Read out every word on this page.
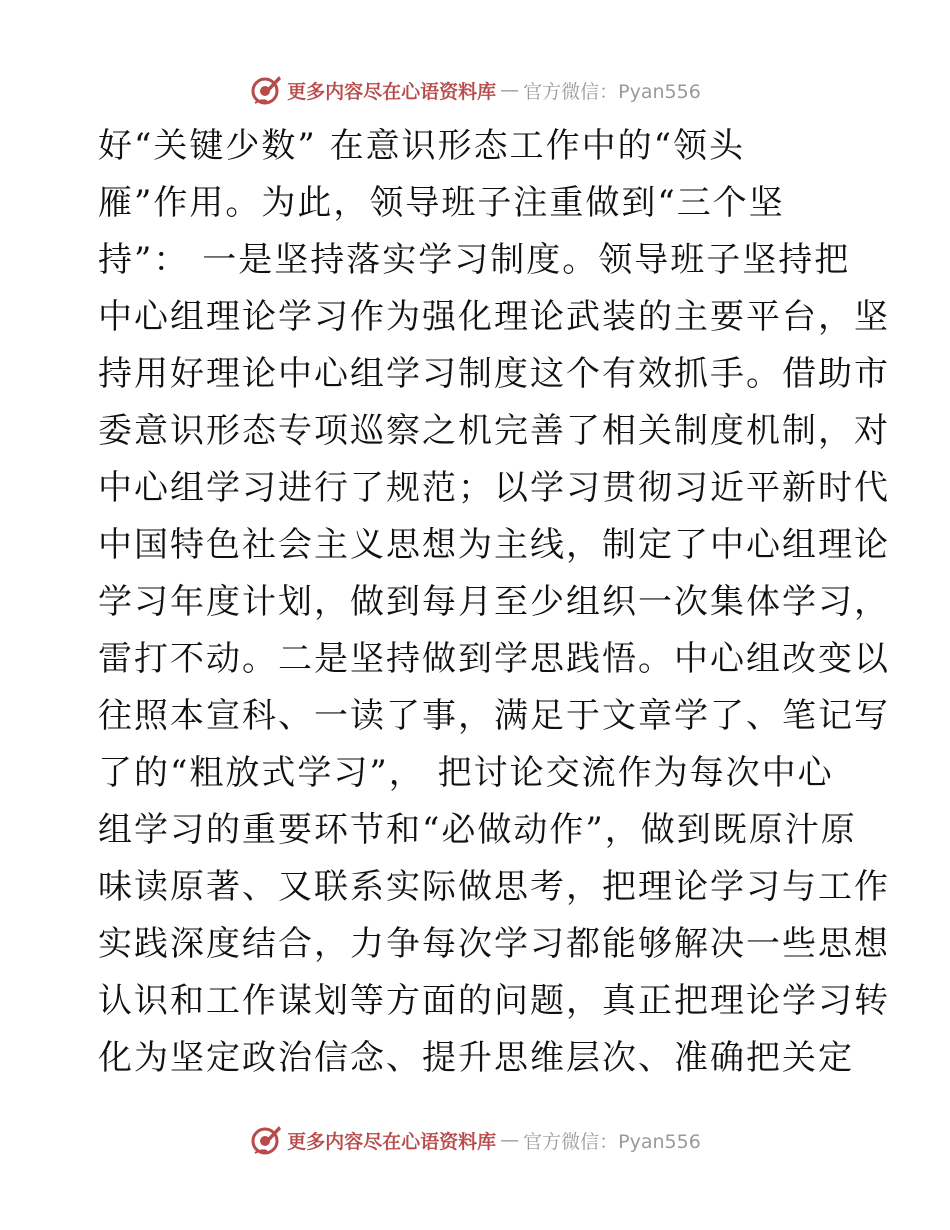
更多内容尽在心语资料库 — 官方微信：Pyan556
好“关键少数” 在意识形态工作中的“领头
雁”作用。为此，领导班子注重做到“三个坚
持”： 一是坚持落实学习制度。领导班子坚持把
中心组理论学习作为强化理论武装的主要平台，坚
持用好理论中心组学习制度这个有效抓手。借助市
委意识形态专项巡察之机完善了相关制度机制，对
中心组学习进行了规范；以学习贯彻习近平新时代
中国特色社会主义思想为主线，制定了中心组理论
学习年度计划，做到每月至少组织一次集体学习，
雷打不动。二是坚持做到学思践悟。中心组改变以
往照本宣科、一读了事，满足于文章学了、笔记写
了的“粗放式学习”， 把讨论交流作为每次中心
组学习的重要环节和“必做动作”，做到既原汁原
味读原著、又联系实际做思考，把理论学习与工作
实践深度结合，力争每次学习都能够解决一些思想
认识和工作谋划等方面的问题，真正把理论学习转
化为坚定政治信念、提升思维层次、准确把关定
更多内容尽在心语资料库 — 官方微信：Pyan556
